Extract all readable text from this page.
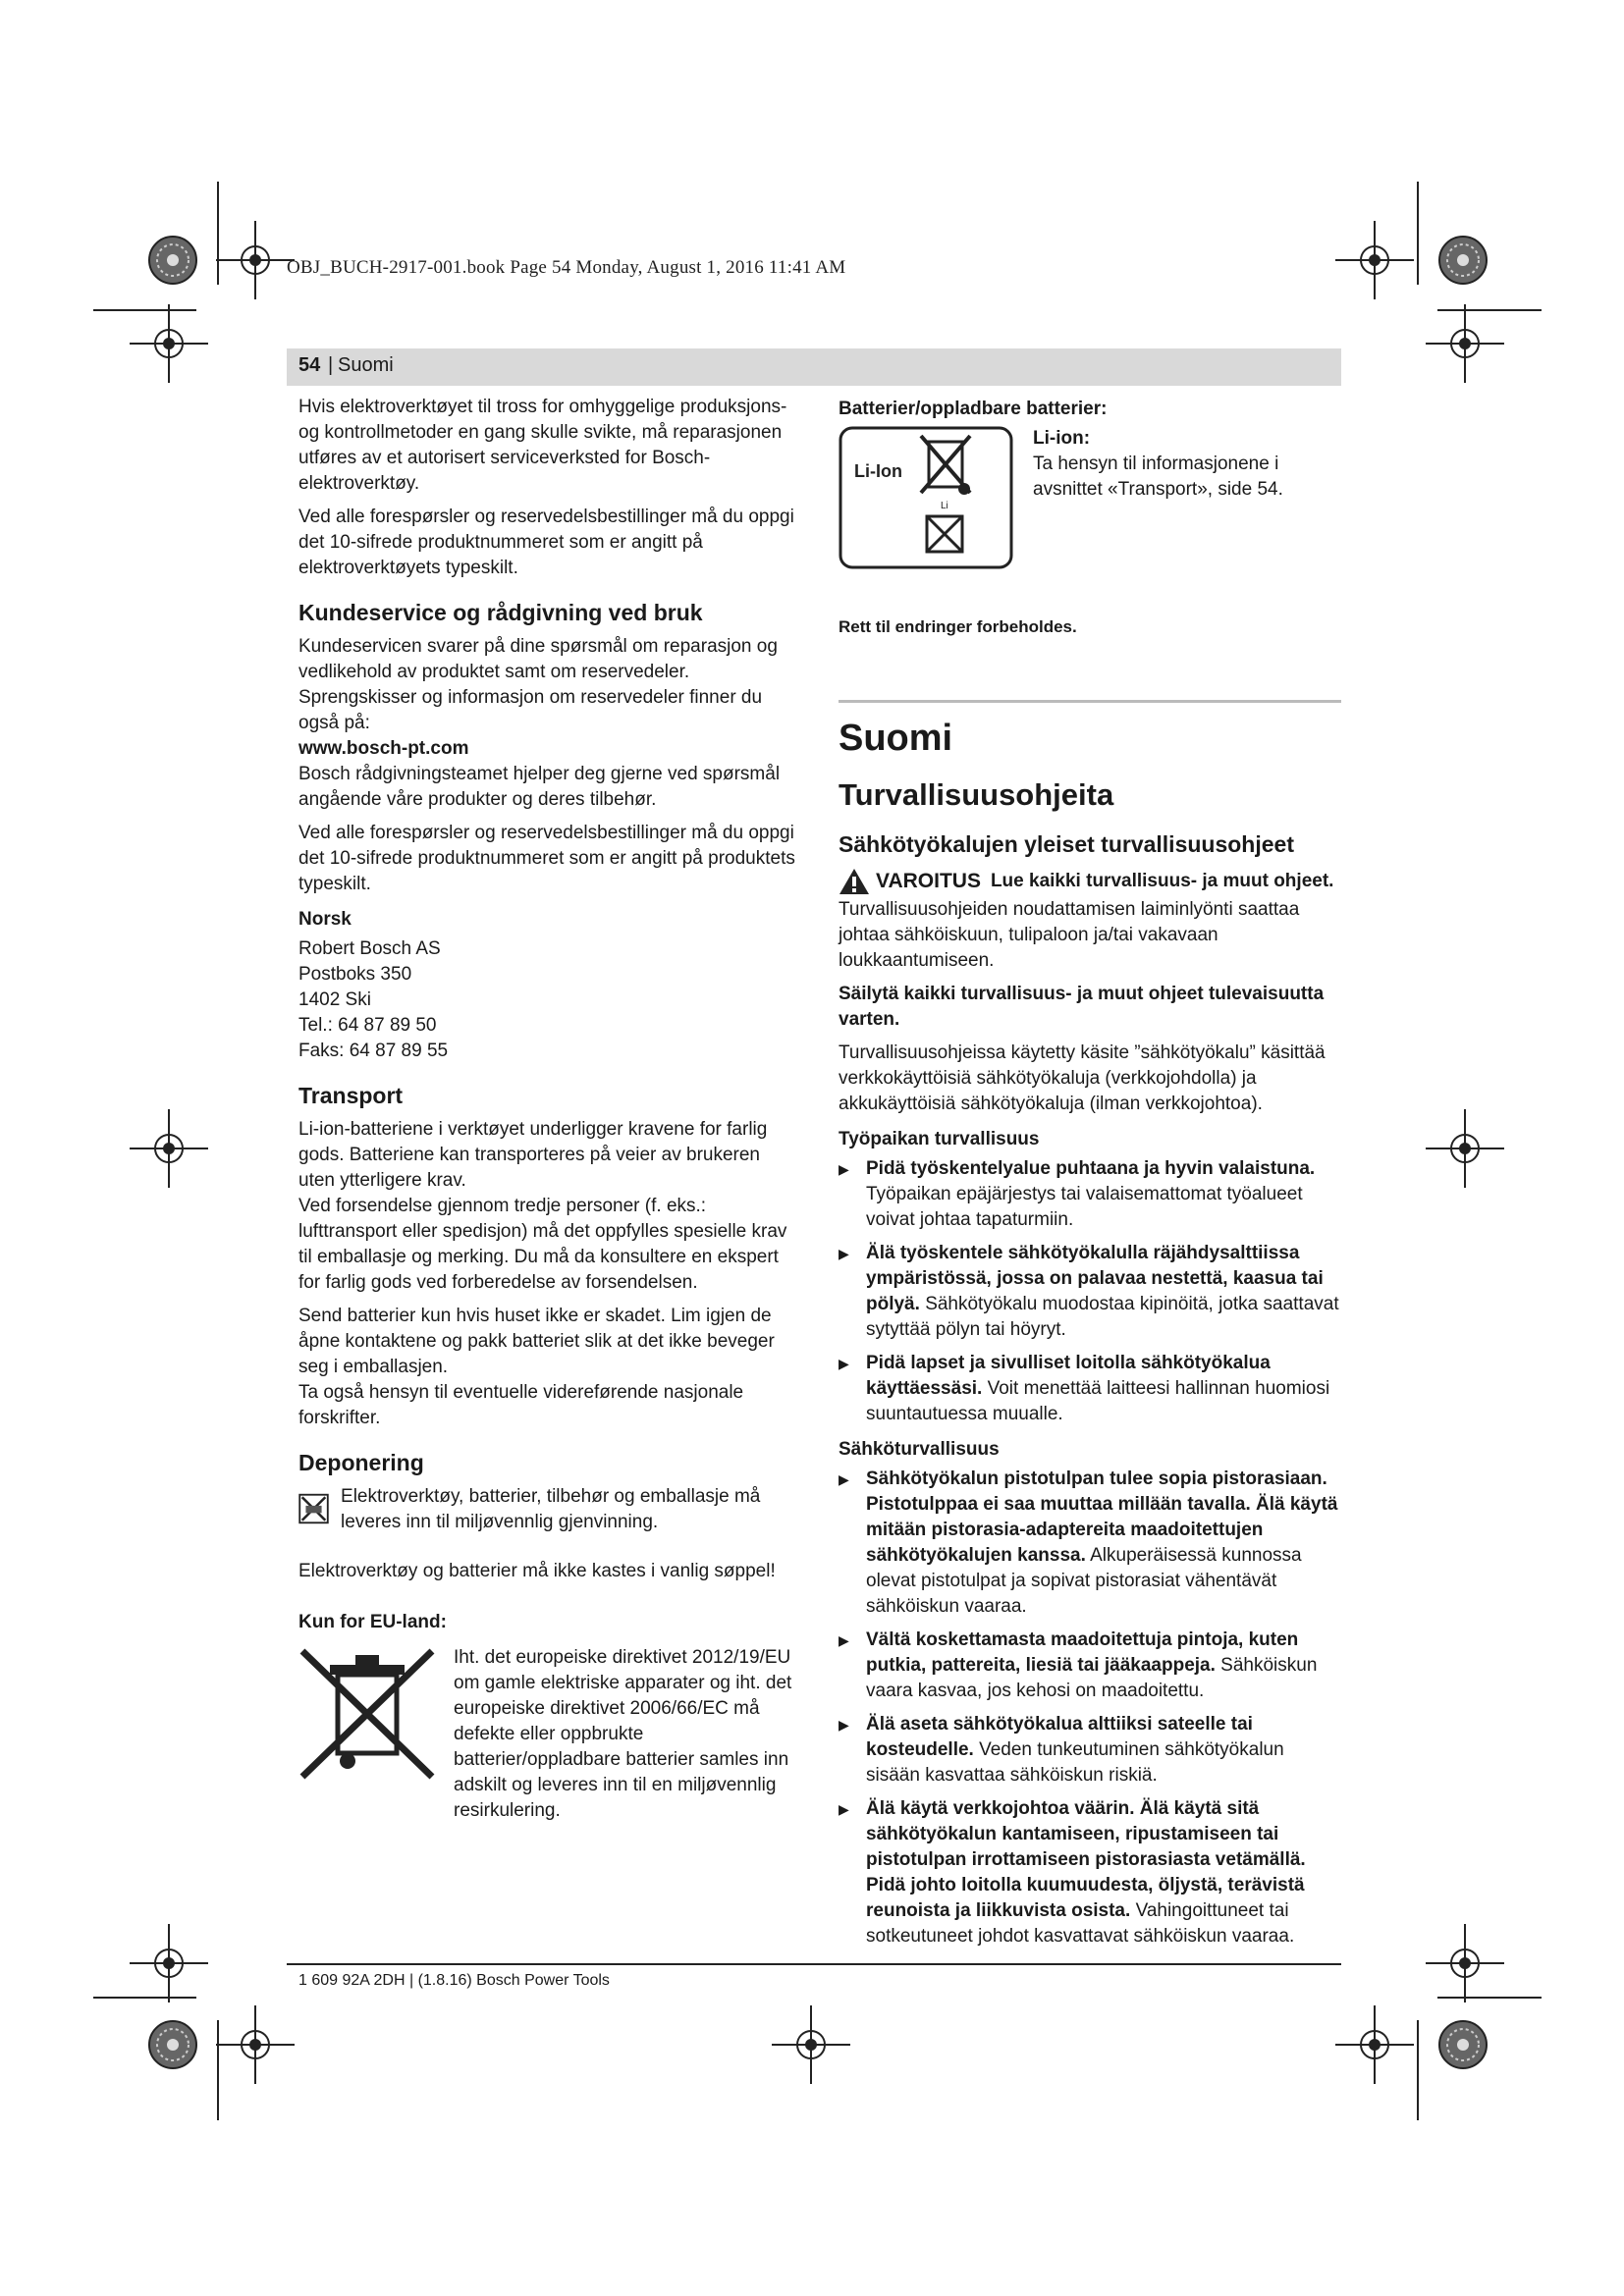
OBJ_BUCH-2917-001.book Page 54 Monday, August 1, 2016 11:41 AM
54 | Suomi

Hvis elektroverktøyet til tross for omhyggelige produksjons- og kontrollmetoder en gang skulle svikte, må reparasjonen utføres av et autorisert serviceverksted for Bosch-elektroverktøy.

Ved alle forespørsler og reservedelsbestillinger må du oppgi det 10-sifrede produktnummeret som er angitt på elektroverktøyets typeskilt.

Kundeservice og rådgivning ved bruk

Kundeservicen svarer på dine spørsmål om reparasjon og vedlikehold av produktet samt om reservedeler. Sprengskisser og informasjon om reservedeler finner du også på:

www.bosch-pt.com

Bosch rådgivningsteamet hjelper deg gjerne ved spørsmål angående våre produkter og deres tilbehør.

Ved alle forespørsler og reservedelsbestillinger må du oppgi det 10-sifrede produktnummeret som er angitt på produktets typeskilt.

Norsk
Robert Bosch AS
Postboks 350
1402 Ski
Tel.: 64 87 89 50
Faks: 64 87 89 55
Transport

Li-ion-batteriene i verktøyet underligger kravene for farlig gods. Batteriene kan transporteres på veier av brukeren uten ytterligere krav.

Ved forsendelse gjennom tredje personer (f. eks.: lufttransport eller spedisjon) må det oppfylles spesielle krav til emballasje og merking. Du må da konsultere en ekspert for farlig gods ved forberedelse av forsendelsen.

Send batterier kun hvis huset ikke er skadet. Lim igjen de åpne kontaktene og pakk batteriet slik at det ikke beveger seg i emballasjen.

Ta også hensyn til eventuelle videreførende nasjonale forskrifter.

Deponering
Elektroverktøy, batterier, tilbehør og emballasje må leveres inn til miljøvennlig gjenvinning.

Elektroverktøy og batterier må ikke kastes i vanlig søppel!

Kun for EU-land:
Iht. det europeiske direktivet 2012/19/EU om gamle elektriske apparater og iht. det europeiske direktivet 2006/66/EC må defekte eller oppbrukte batterier/oppladbare batterier samles inn adskilt og leveres inn til en miljøvennlig resirkulering.
Batterier/oppladbare batterier:
Li-Ion
Li
Li-ion:
Ta hensyn til informasjonene i avsnittet «Transport», side 54.

Rett til endringer forbeholdes.

Suomi
Turvallisuusohjeita
Sähkötyökalujen yleiset turvallisuusohjeet
VAROITUS Lue kaikki turvallisuus- ja muut ohjeet.

Turvallisuusohjeiden noudattamisen laiminlyönti saattaa johtaa sähköiskuun, tulipaloon ja/tai vakavaan loukkaantumiseen.

Säilytä kaikki turvallisuus- ja muut ohjeet tulevaisuutta varten.

Turvallisuusohjeissa käytetty käsite ”sähkötyökalu” käsittää verkkokäyttöisiä sähkötyökaluja (verkkojohdolla) ja akkukäyttöisiä sähkötyökaluja (ilman verkkojohtoa).

Työpaikan turvallisuus
▶ Pidä työskentelyalue puhtaana ja hyvin valaistuna. Työpaikan epäjärjestys tai valaisemattomat työalueet voivat johtaa tapaturmiin.
▶ Älä työskentele sähkötyökalulla räjähdysalttiissa ympäristössä, jossa on palavaa nestettä, kaasua tai pölyä. Sähkötyökalu muodostaa kipinöitä, jotka saattavat sytyttää pölyn tai höyryt.
▶ Pidä lapset ja sivulliset loitolla sähkötyökalua käyttäessäsi. Voit menettää laitteesi hallinnan huomiosi suuntautuessa muualle.
Sähköturvallisuus
▶ Sähkötyökalun pistotulpan tulee sopia pistorasiaan. Pistotulppaa ei saa muuttaa millään tavalla. Älä käytä mitään pistorasia-adaptereita maadoitettujen sähkötyökalujen kanssa. Alkuperäisessä kunnossa olevat pistotulpat ja sopivat pistorasiat vähentävät sähköiskun vaaraa.
▶ Vältä koskettamasta maadoitettuja pintoja, kuten putkia, pattereita, liesiä tai jääkaappeja. Sähköiskun vaara kasvaa, jos kehosi on maadoitettu.
▶ Älä aseta sähkötyökalua alttiiksi sateelle tai kosteudelle. Veden tunkeutuminen sähkötyökalun sisään kasvattaa sähköiskun riskiä.
▶ Älä käytä verkkojohtoa väärin. Älä käytä sitä sähkötyökalun kantamiseen, ripustamiseen tai pistotulpan irrottamiseen pistorasiasta vetämällä. Pidä johto loitolla kuumuudesta, öljystä, terävistä reunoista ja liikkuvista osista. Vahingoittuneet tai sotkeutuneet johdot kasvattavat sähköiskun vaaraa.
1 609 92A 2DH | (1.8.16) Bosch Power Tools
